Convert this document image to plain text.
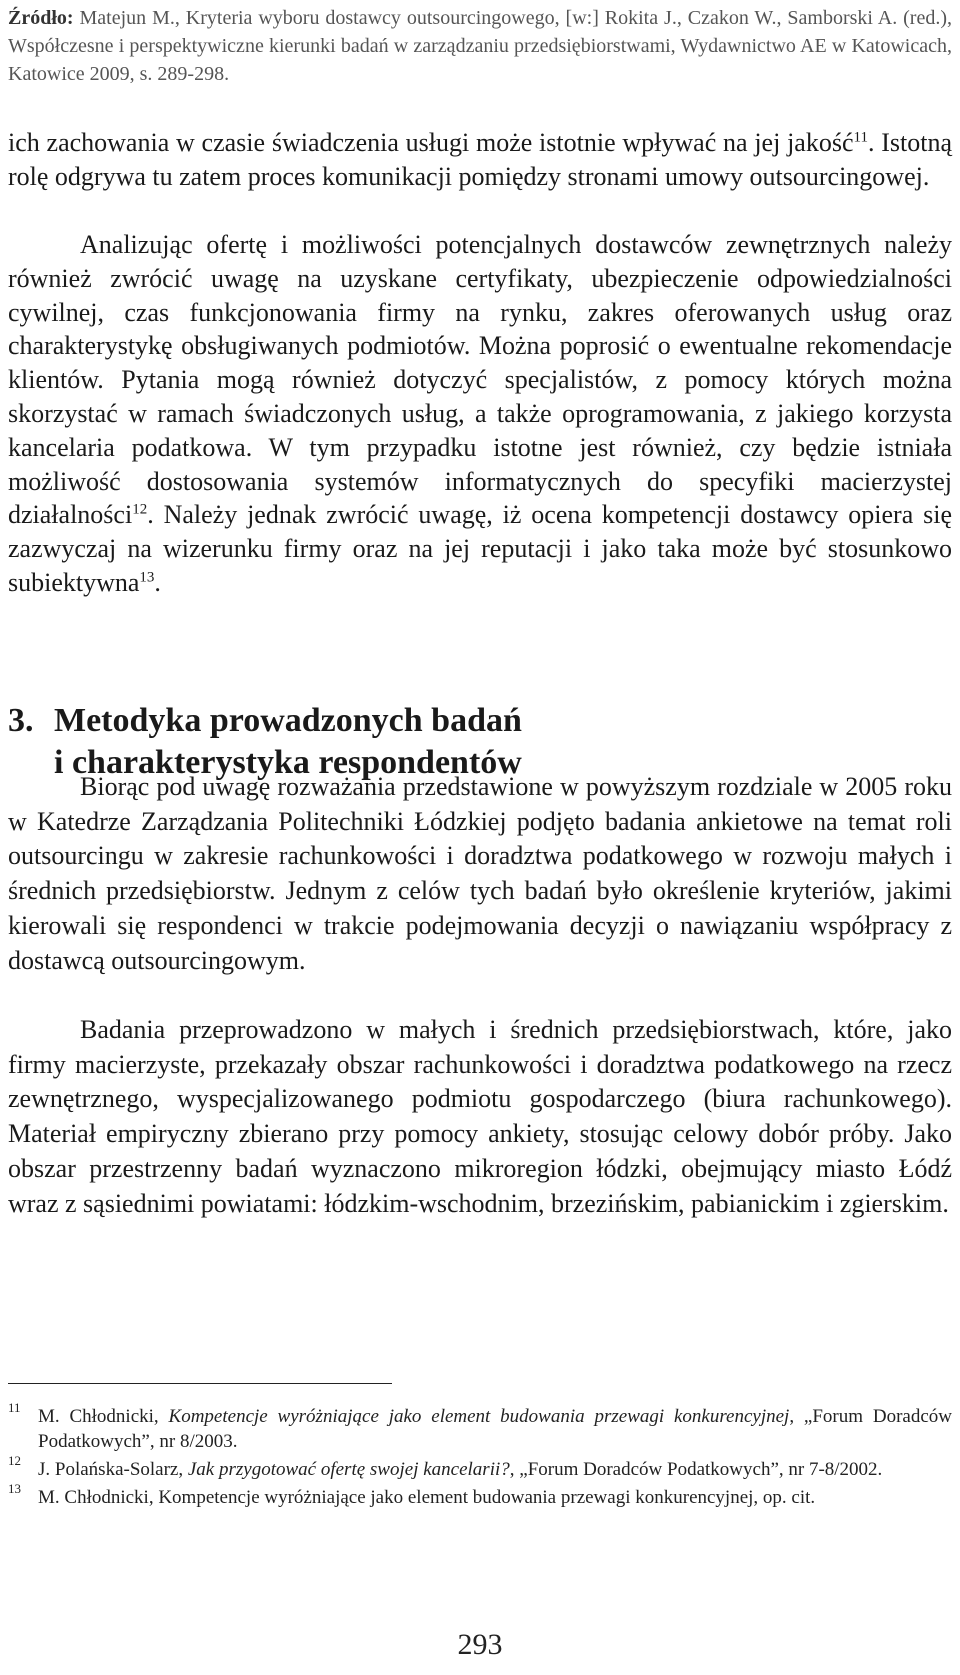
Źródło: Matejun M., Kryteria wyboru dostawcy outsourcingowego, [w:] Rokita J., Czakon W., Samborski A. (red.), Współczesne i perspektywiczne kierunki badań w zarządzaniu przedsiębiorstwami, Wydawnictwo AE w Katowicach, Katowice 2009, s. 289-298.

ich zachowania w czasie świadczenia usługi może istotnie wpływać na jej jakość$^{11}$. Istotną rolę odgrywa tu zatem proces komunikacji pomiędzy stronami umowy outsourcingowej.

Analizując ofertę i możliwości potencjalnych dostawców zewnętrznych należy również zwrócić uwagę na uzyskane certyfikaty, ubezpieczenie odpowiedzialności cywilnej, czas funkcjonowania firmy na rynku, zakres oferowanych usług oraz charakterystykę obsługiwanych podmiotów. Można poprosić o ewentualne rekomendacje klientów. Pytania mogą również dotyczyć specjalistów, z pomocy których można skorzystać w ramach świadczonych usług, a także oprogramowania, z jakiego korzysta kancelaria podatkowa. W tym przypadku istotne jest również, czy będzie istniała możliwość dostosowania systemów informatycznych do specyfiki macierzystej działalności$^{12}$. Należy jednak zwrócić uwagę, iż ocena kompetencji dostawcy opiera się zazwyczaj na wizerunku firmy oraz na jej reputacji i jako taka może być stosunkowo subiektywna$^{13}$.

3. Metodyka prowadzonych badań
i charakterystyka respondentów

Biorąc pod uwagę rozważania przedstawione w powyższym rozdziale w 2005 roku w Katedrze Zarządzania Politechniki Łódzkiej podjęto badania ankietowe na temat roli outsourcingu w zakresie rachunkowości i doradztwa podatkowego w rozwoju małych i średnich przedsiębiorstw. Jednym z celów tych badań było określenie kryteriów, jakimi kierowali się respondenci w trakcie podejmowania decyzji o nawiązaniu współpracy z dostawcą outsourcingowym.

Badania przeprowadzono w małych i średnich przedsiębiorstwach, które, jako firmy macierzyste, przekazały obszar rachunkowości i doradztwa podatkowego na rzecz zewnętrznego, wyspecjalizowanego podmiotu gospodarczego (biura rachunkowego). Materiał empiryczny zbierano przy pomocy ankiety, stosując celowy dobór próby. Jako obszar przestrzenny badań wyznaczono mikroregion łódzki, obejmujący miasto Łódź wraz z sąsiednimi powiatami: łódzkim-wschodnim, brzezińskim, pabianickim i zgierskim.

11 M. Chłodnicki, Kompetencje wyróżniające jako element budowania przewagi konkurencyjnej, „Forum Doradców Podatkowych”, nr 8/2003.
12 J. Polańska-Solarz, Jak przygotować ofertę swojej kancelarii?, „Forum Doradców Podatkowych”, nr 7-8/2002.
13 M. Chłodnicki, Kompetencje wyróżniające jako element budowania przewagi konkurencyjnej, op. cit.
293
